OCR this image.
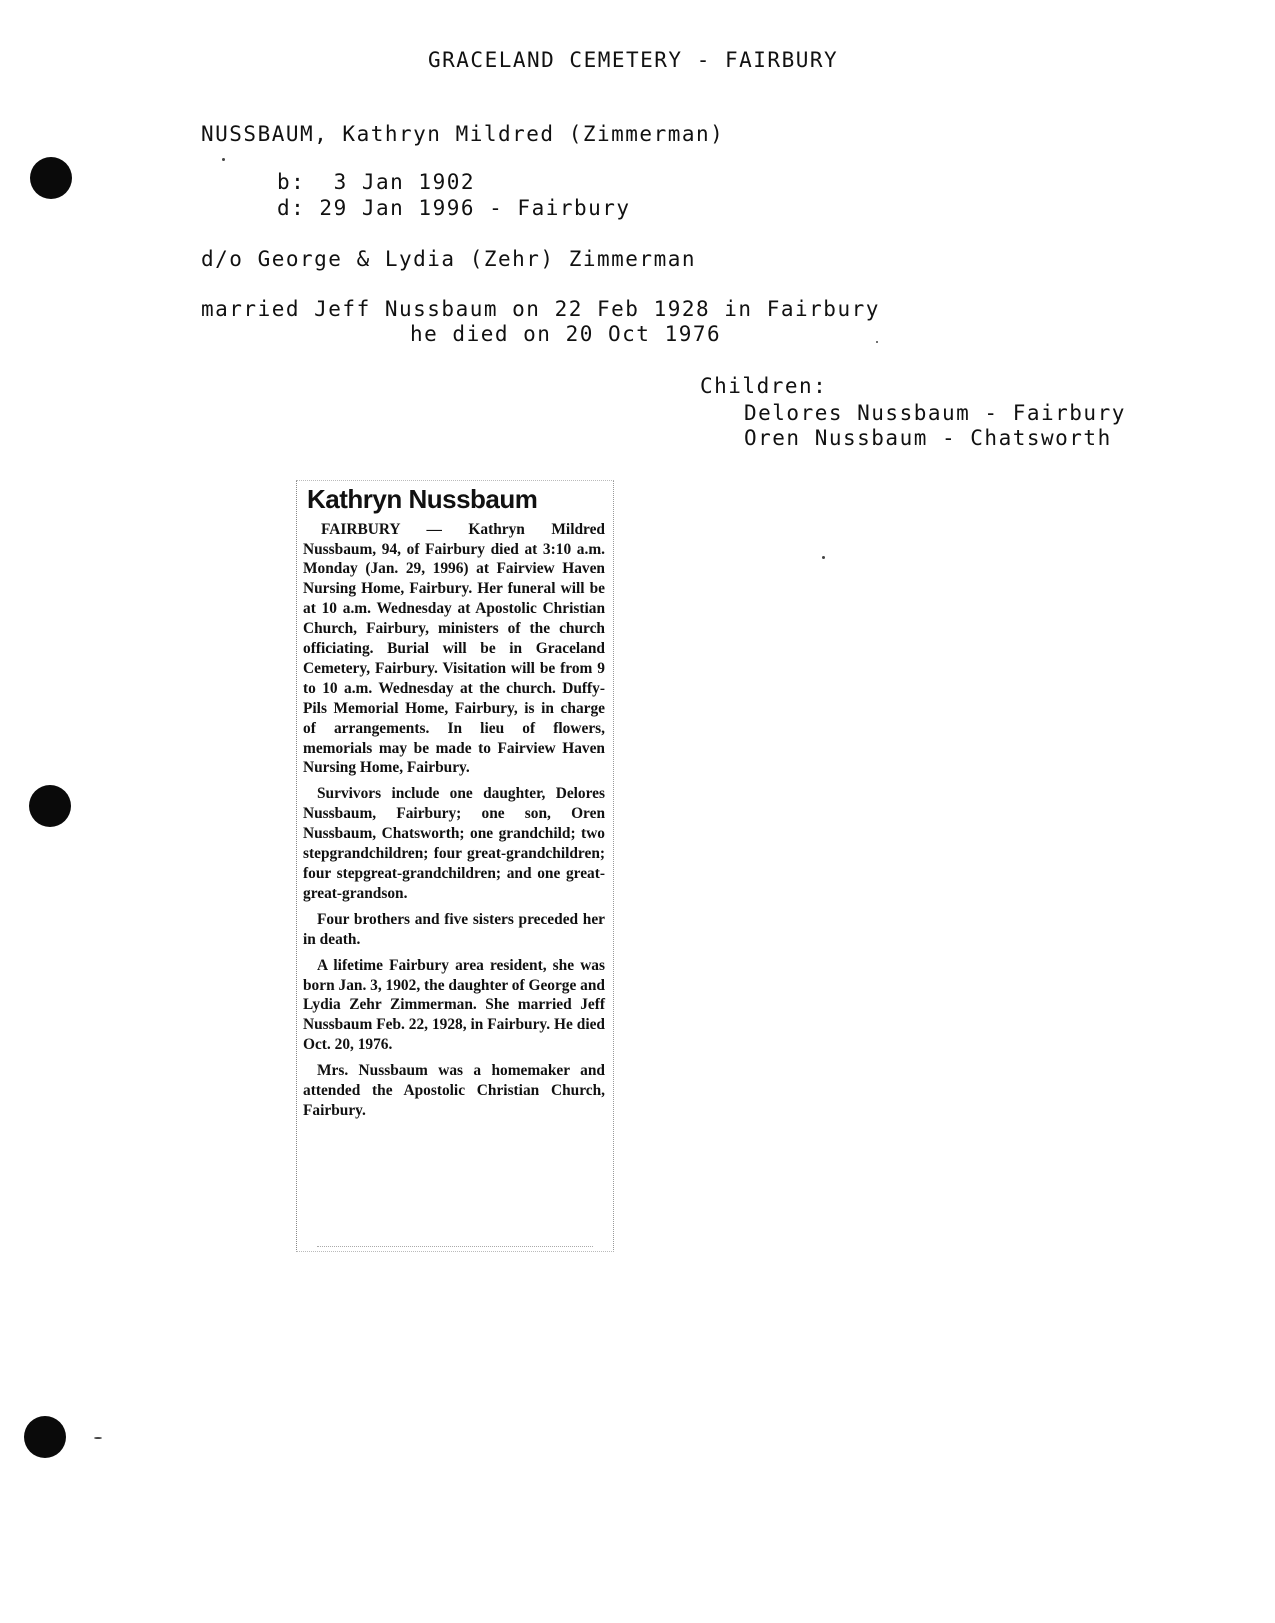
GRACELAND CEMETERY - FAIRBURY
NUSSBAUM, Kathryn Mildred (Zimmerman)
b:  3 Jan 1902
d: 29 Jan 1996 - Fairbury
d/o George & Lydia (Zehr) Zimmerman
married Jeff Nussbaum on 22 Feb 1928 in Fairbury
he died on 20 Oct 1976
Children:
Delores Nussbaum - Fairbury
Oren Nussbaum - Chatsworth
Kathryn Nussbaum

FAIRBURY — Kathryn Mildred Nussbaum, 94, of Fairbury died at 3:10 a.m. Monday (Jan. 29, 1996) at Fairview Haven Nursing Home, Fairbury. Her funeral will be at 10 a.m. Wednesday at Apostolic Christian Church, Fairbury, ministers of the church officiating. Burial will be in Graceland Cemetery, Fairbury. Visitation will be from 9 to 10 a.m. Wednesday at the church. Duffy-Pils Memorial Home, Fairbury, is in charge of arrangements. In lieu of flowers, memorials may be made to Fairview Haven Nursing Home, Fairbury.

Survivors include one daughter, Delores Nussbaum, Fairbury; one son, Oren Nussbaum, Chatsworth; one grandchild; two stepgrandchildren; four great-grandchildren; four stepgreat-grandchildren; and one great-great-grandson.

Four brothers and five sisters preceded her in death.

A lifetime Fairbury area resident, she was born Jan. 3, 1902, the daughter of George and Lydia Zehr Zimmerman. She married Jeff Nussbaum Feb. 22, 1928, in Fairbury. He died Oct. 20, 1976.

Mrs. Nussbaum was a homemaker and attended the Apostolic Christian Church, Fairbury.
